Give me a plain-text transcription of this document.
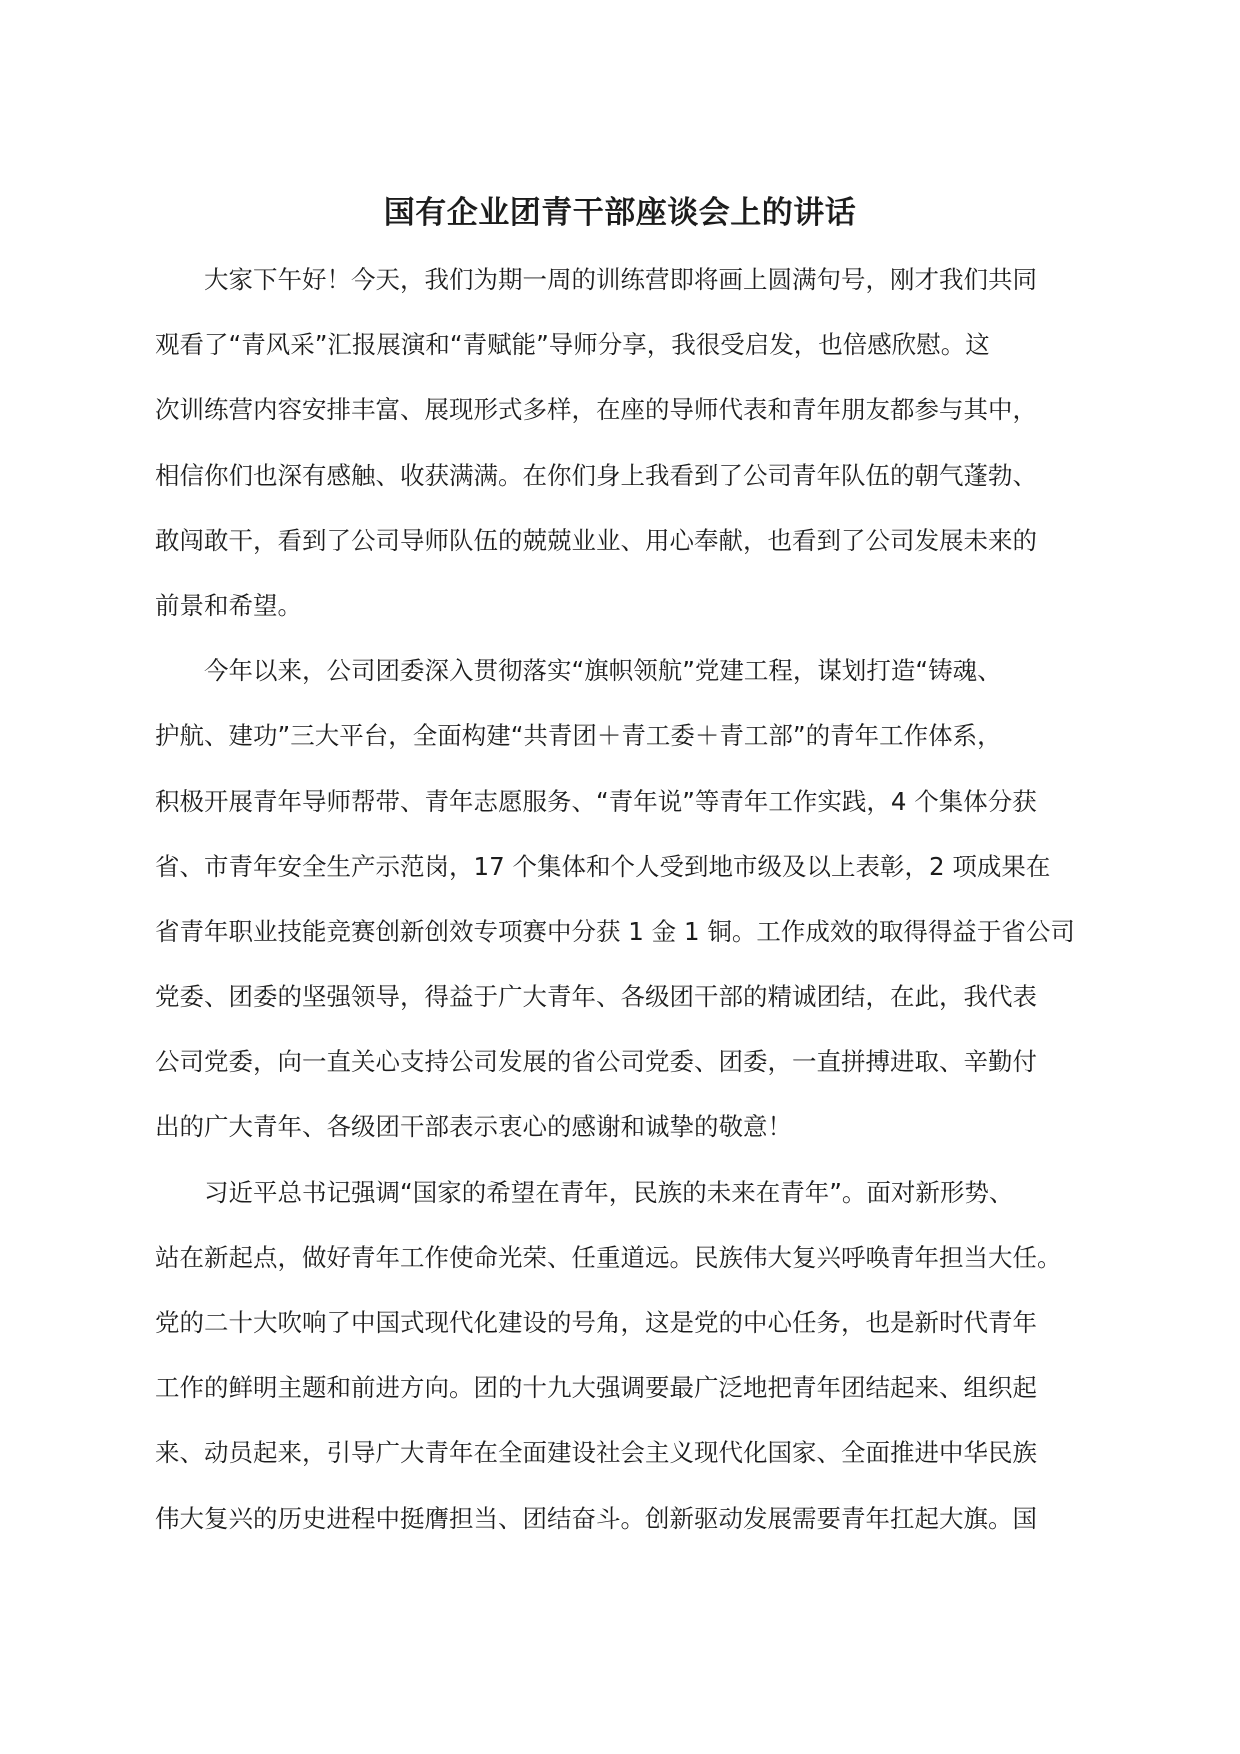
国有企业团青干部座谈会上的讲话
大家下午好！今天，我们为期一周的训练营即将画上圆满句号，刚才我们共同
观看了“青风采”汇报展演和“青赋能”导师分享，我很受启发，也倍感欣慰。这
次训练营内容安排丰富、展现形式多样，在座的导师代表和青年朋友都参与其中，
相信你们也深有感触、收获满满。在你们身上我看到了公司青年队伍的朝气蓬勃、
敢闯敢干，看到了公司导师队伍的兢兢业业、用心奉献，也看到了公司发展未来的
前景和希望。
今年以来，公司团委深入贯彻落实“旗帜领航”党建工程，谋划打造“铸魂、
护航、建功”三大平台，全面构建“共青团＋青工委＋青工部”的青年工作体系，
积极开展青年导师帮带、青年志愿服务、“青年说”等青年工作实践，4 个集体分获
省、市青年安全生产示范岗，17 个集体和个人受到地市级及以上表彰，2 项成果在
省青年职业技能竞赛创新创效专项赛中分获 1 金 1 铜。工作成效的取得得益于省公司
党委、团委的坚强领导，得益于广大青年、各级团干部的精诚团结，在此，我代表
公司党委，向一直关心支持公司发展的省公司党委、团委，一直拼搏进取、辛勤付
出的广大青年、各级团干部表示衷心的感谢和诚挚的敬意！
习近平总书记强调“国家的希望在青年，民族的未来在青年”。面对新形势、
站在新起点，做好青年工作使命光荣、任重道远。民族伟大复兴呼唤青年担当大任。
党的二十大吹响了中国式现代化建设的号角，这是党的中心任务，也是新时代青年
工作的鲜明主题和前进方向。团的十九大强调要最广泛地把青年团结起来、组织起
来、动员起来，引导广大青年在全面建设社会主义现代化国家、全面推进中华民族
伟大复兴的历史进程中挺膺担当、团结奋斗。创新驱动发展需要青年扛起大旗。国
